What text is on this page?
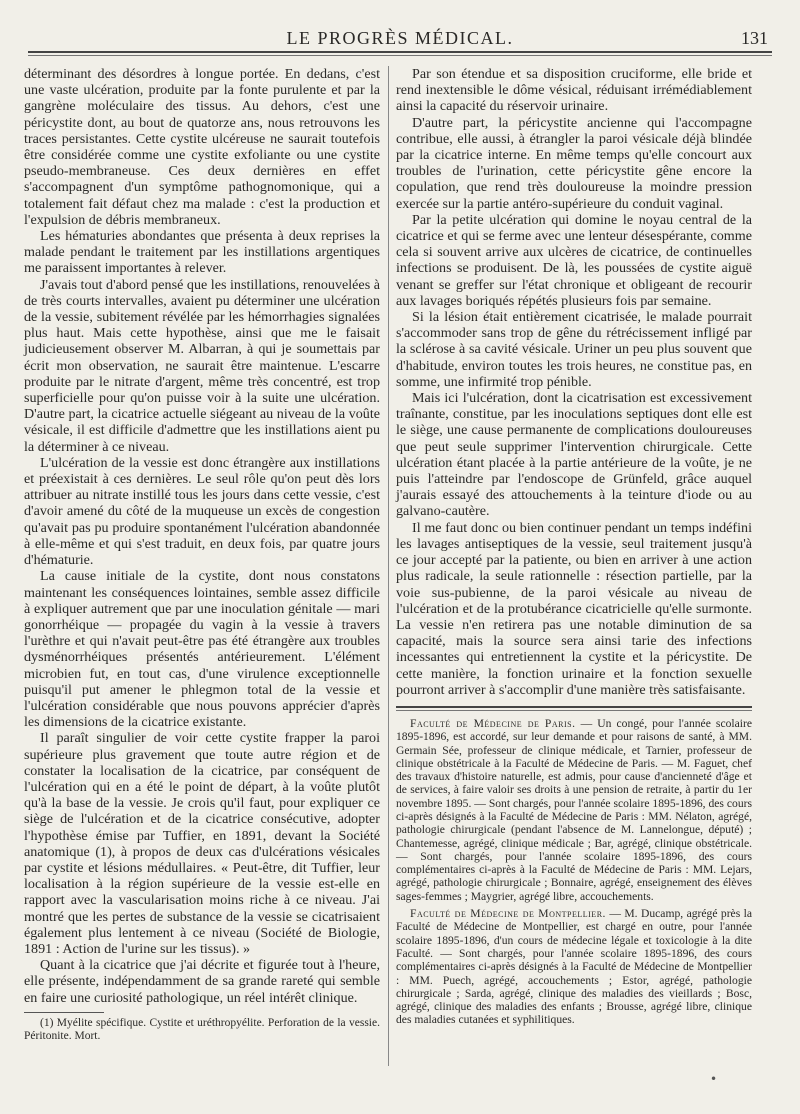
LE PROGRÈS MÉDICAL.	131

déterminant des désordres à longue portée. En dedans, c'est une vaste ulcération, produite par la fonte purulente et par la gangrène moléculaire des tissus. Au dehors, c'est une péricystite dont, au bout de quatorze ans, nous retrouvons les traces persistantes. Cette cystite ulcéreuse ne saurait toutefois être considérée comme une cystite exfoliante ou une cystite pseudo-membraneuse. Ces deux dernières en effet s'accompagnent d'un symptôme pathognomonique, qui a totalement fait défaut chez ma malade : c'est la production et l'expulsion de débris membraneux.

Les hématuries abondantes que présenta à deux reprises la malade pendant le traitement par les instillations argentiques me paraissent importantes à relever.

J'avais tout d'abord pensé que les instillations, renouvelées à de très courts intervalles, avaient pu déterminer une ulcération de la vessie, subitement révélée par les hémorrhagies signalées plus haut. Mais cette hypothèse, ainsi que me le faisait judicieusement observer M. Albarran, à qui je soumettais par écrit mon observation, ne saurait être maintenue. L'escarre produite par le nitrate d'argent, même très concentré, est trop superficielle pour qu'on puisse voir à la suite une ulcération. D'autre part, la cicatrice actuelle siégeant au niveau de la voûte vésicale, il est difficile d'admettre que les instillations aient pu la déterminer à ce niveau.

L'ulcération de la vessie est donc étrangère aux instillations et préexistait à ces dernières. Le seul rôle qu'on peut dès lors attribuer au nitrate instillé tous les jours dans cette vessie, c'est d'avoir amené du côté de la muqueuse un excès de congestion qu'avait pas pu produire spontanément l'ulcération abandonnée à elle-même et qui s'est traduit, en deux fois, par quatre jours d'hématurie.

La cause initiale de la cystite, dont nous constatons maintenant les conséquences lointaines, semble assez difficile à expliquer autrement que par une inoculation génitale — mari gonorrhéique — propagée du vagin à la vessie à travers l'urèthre et qui n'avait peut-être pas été étrangère aux troubles dysménorrhéiques présentés antérieurement. L'élément microbien fut, en tout cas, d'une virulence exceptionnelle puisqu'il put amener le phlegmon total de la vessie et l'ulcération considérable que nous pouvons apprécier d'après les dimensions de la cicatrice existante.

Il paraît singulier de voir cette cystite frapper la paroi supérieure plus gravement que toute autre région et de constater la localisation de la cicatrice, par conséquent de l'ulcération qui en a été le point de départ, à la voûte plutôt qu'à la base de la vessie. Je crois qu'il faut, pour expliquer ce siège de l'ulcération et de la cicatrice consécutive, adopter l'hypothèse émise par Tuffier, en 1891, devant la Société anatomique (1), à propos de deux cas d'ulcérations vésicales par cystite et lésions médullaires. « Peut-être, dit Tuffier, leur localisation à la région supérieure de la vessie est-elle en rapport avec la vascularisation moins riche à ce niveau. J'ai montré que les pertes de substance de la vessie se cicatrisaient également plus lentement à ce niveau (Société de Biologie, 1891 : Action de l'urine sur les tissus). »

Quant à la cicatrice que j'ai décrite et figurée tout à l'heure, elle présente, indépendamment de sa grande rareté qui semble en faire une curiosité pathologique, un réel intérêt clinique.

(1) Myélite spécifique. Cystite et uréthropyélite. Perforation de la vessie. Péritonite. Mort.

Par son étendue et sa disposition cruciforme, elle bride et rend inextensible le dôme vésical, réduisant irrémédiablement ainsi la capacité du réservoir urinaire.

D'autre part, la péricystite ancienne qui l'accompagne contribue, elle aussi, à étrangler la paroi vésicale déjà blindée par la cicatrice interne. En même temps qu'elle concourt aux troubles de l'urination, cette péricystite gêne encore la copulation, que rend très douloureuse la moindre pression exercée sur la partie antéro-supérieure du conduit vaginal.

Par la petite ulcération qui domine le noyau central de la cicatrice et qui se ferme avec une lenteur désespérante, comme cela si souvent arrive aux ulcères de cicatrice, de continuelles infections se produisent. De là, les poussées de cystite aiguë venant se greffer sur l'état chronique et obligeant de recourir aux lavages boriqués répétés plusieurs fois par semaine.

Si la lésion était entièrement cicatrisée, le malade pourrait s'accommoder sans trop de gêne du rétrécissement infligé par la sclérose à sa cavité vésicale. Uriner un peu plus souvent que d'habitude, environ toutes les trois heures, ne constitue pas, en somme, une infirmité trop pénible.

Mais ici l'ulcération, dont la cicatrisation est excessivement traînante, constitue, par les inoculations septiques dont elle est le siège, une cause permanente de complications douloureuses que peut seule supprimer l'intervention chirurgicale. Cette ulcération étant placée à la partie antérieure de la voûte, je ne puis l'atteindre par l'endoscope de Grünfeld, grâce auquel j'aurais essayé des attouchements à la teinture d'iode ou au galvano-cautère.

Il me faut donc ou bien continuer pendant un temps indéfini les lavages antiseptiques de la vessie, seul traitement jusqu'à ce jour accepté par la patiente, ou bien en arriver à une action plus radicale, la seule rationnelle : résection partielle, par la voie sus-pubienne, de la paroi vésicale au niveau de l'ulcération et de la protubérance cicatricielle qu'elle surmonte. La vessie n'en retirera pas une notable diminution de sa capacité, mais la source sera ainsi tarie des infections incessantes qui entretiennent la cystite et la péricystite. De cette manière, la fonction urinaire et la fonction sexuelle pourront arriver à s'accomplir d'une manière très satisfaisante.

Faculté de Médecine de Paris. — Un congé, pour l'année scolaire 1895-1896, est accordé, sur leur demande et pour raisons de santé, à MM. Germain Sée, professeur de clinique médicale, et Tarnier, professeur de clinique obstétricale à la Faculté de Médecine de Paris. — M. Faguet, chef des travaux d'histoire naturelle, est admis, pour cause d'ancienneté d'âge et de services, à faire valoir ses droits à une pension de retraite, à partir du 1er novembre 1895. — Sont chargés, pour l'année scolaire 1895-1896, des cours ci-après désignés à la Faculté de Médecine de Paris : MM. Nélaton, agrégé, pathologie chirurgicale (pendant l'absence de M. Lannelongue, député) ; Chantemesse, agrégé, clinique médicale ; Bar, agrégé, clinique obstétricale. — Sont chargés, pour l'année scolaire 1895-1896, des cours complémentaires ci-après à la Faculté de Médecine de Paris : MM. Lejars, agrégé, pathologie chirurgicale ; Bonnaire, agrégé, enseignement des élèves sages-femmes ; Maygrier, agrégé libre, accouchements.

Faculté de Médecine de Montpellier. — M. Ducamp, agrégé près la Faculté de Médecine de Montpellier, est chargé en outre, pour l'année scolaire 1895-1896, d'un cours de médecine légale et toxicologie à la dite Faculté. — Sont chargés, pour l'année scolaire 1895-1896, des cours complémentaires ci-après désignés à la Faculté de Médecine de Montpellier : MM. Puech, agrégé, accouchements ; Estor, agrégé, pathologie chirurgicale ; Sarda, agrégé, clinique des maladies des vieillards ; Bosc, agrégé, clinique des maladies des enfants ; Brousse, agrégé libre, clinique des maladies cutanées et syphilitiques.

•
